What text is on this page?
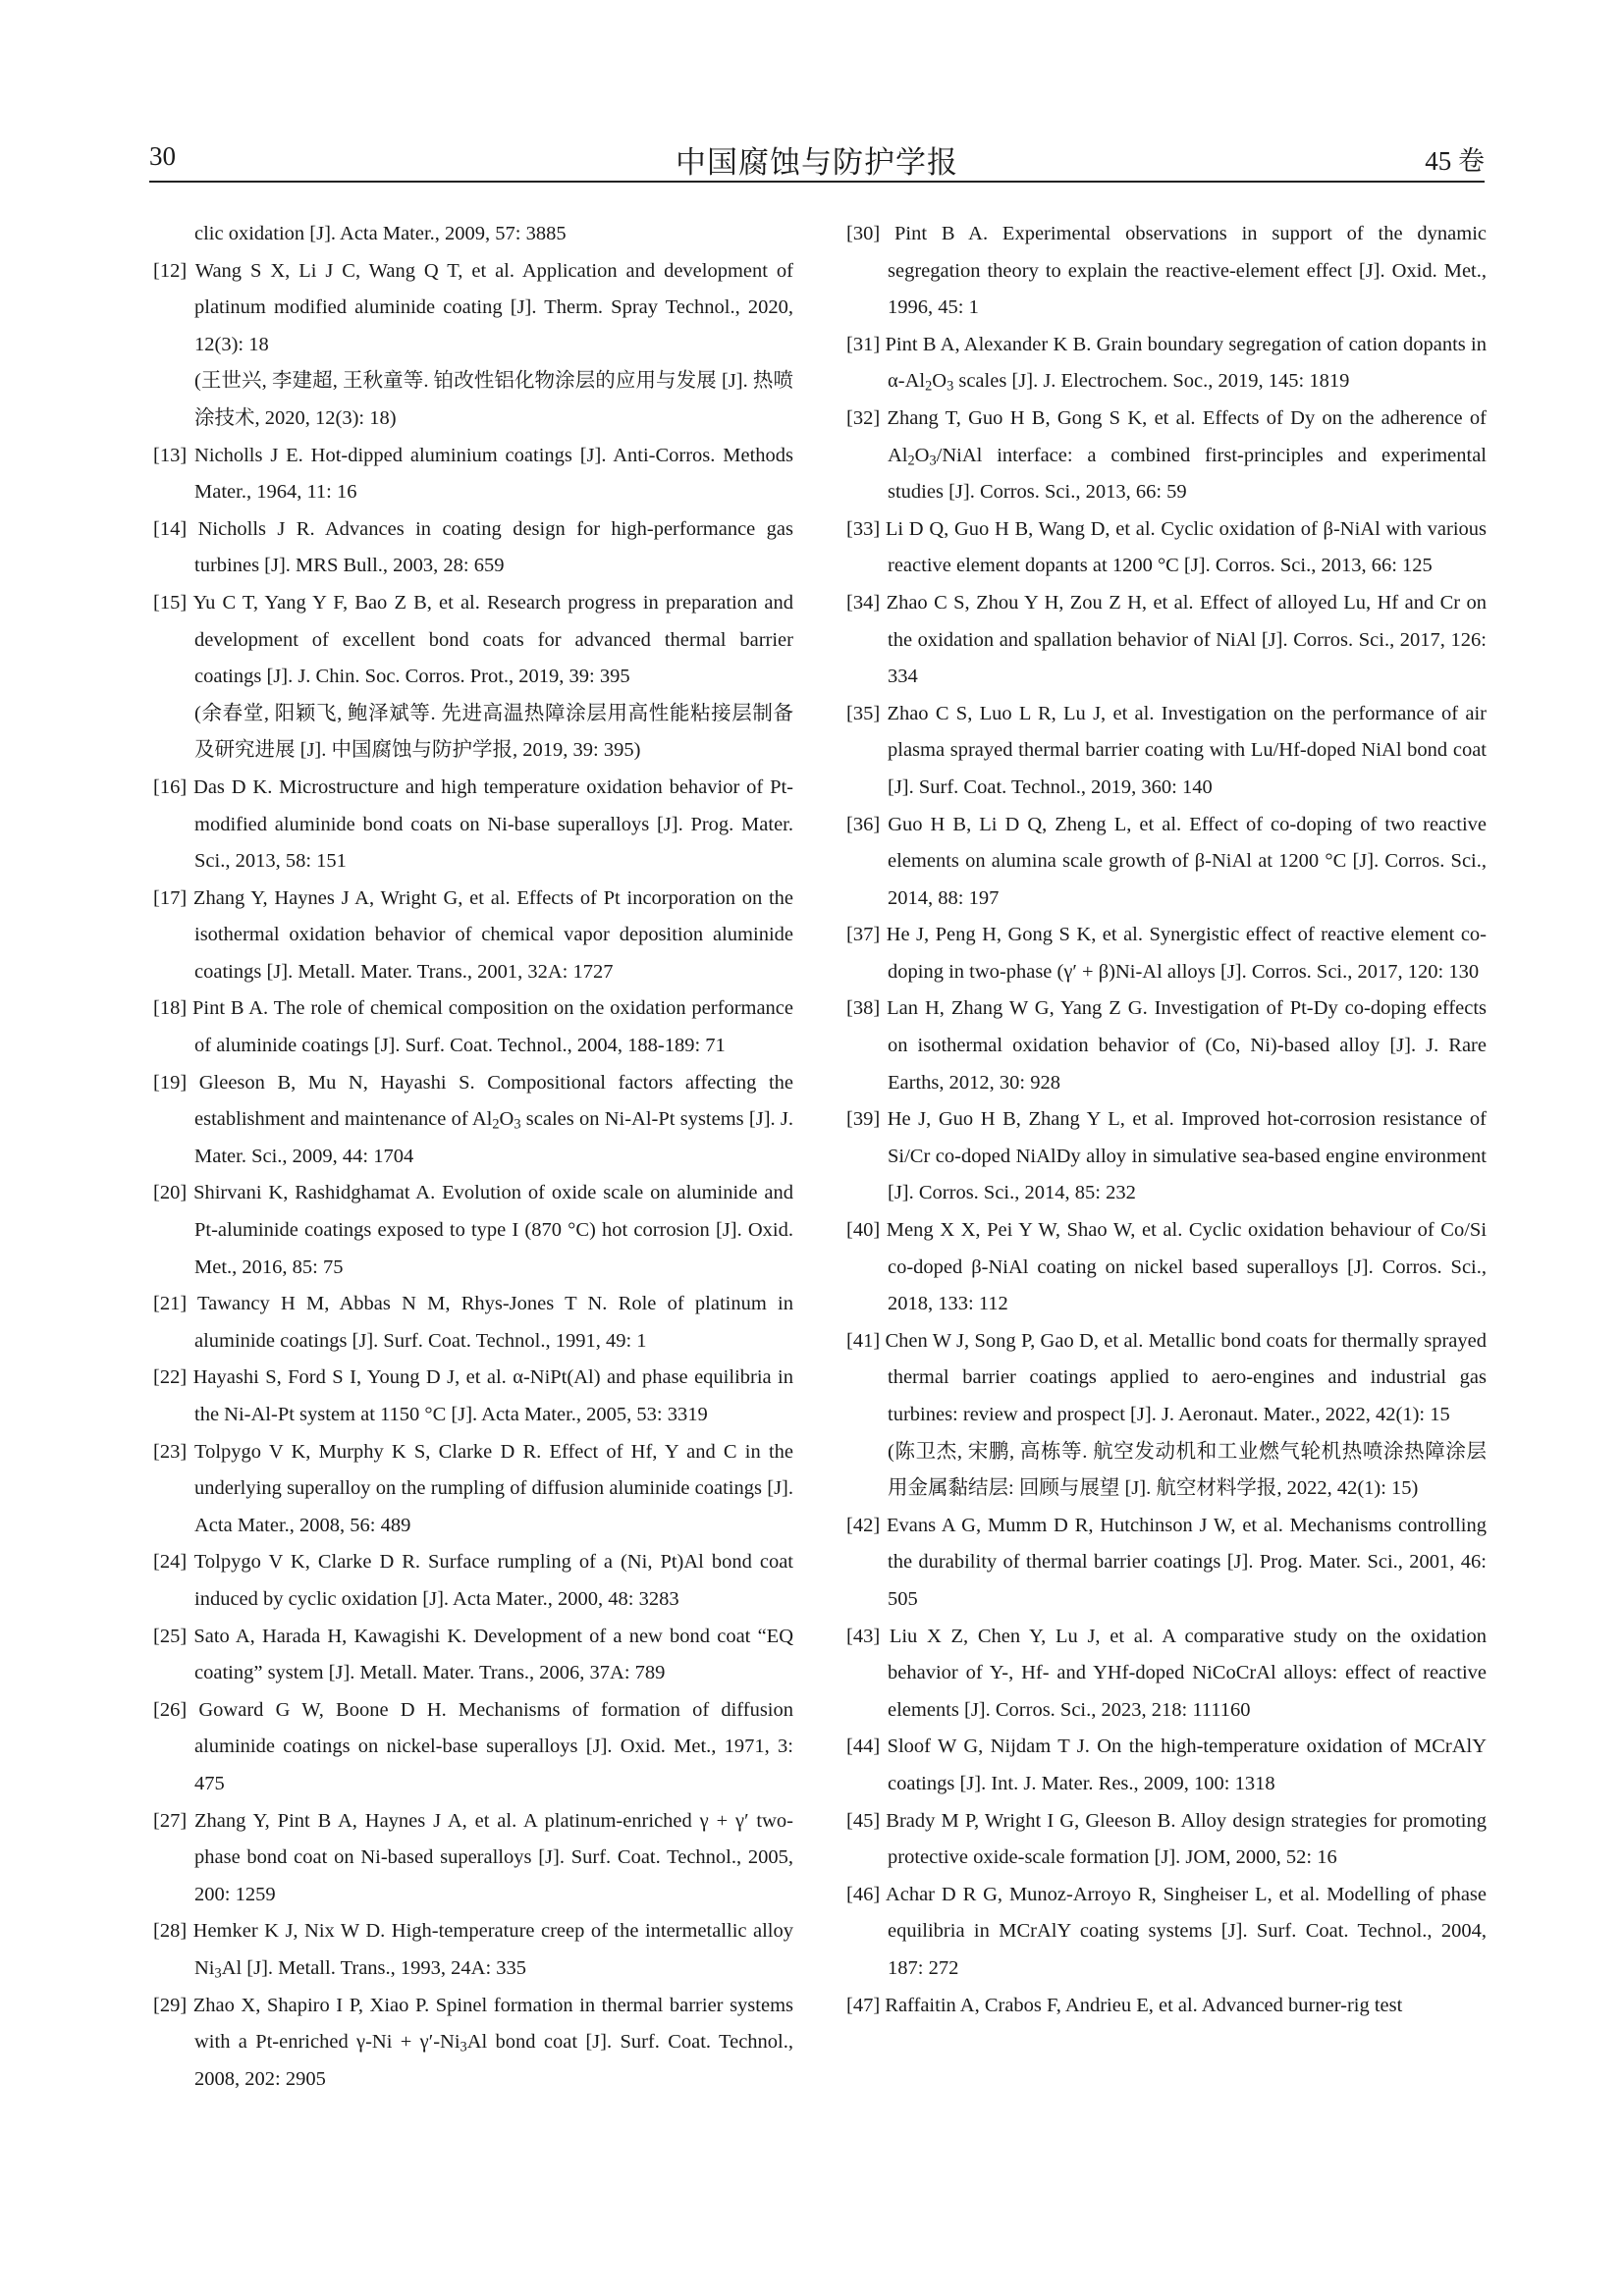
30	中国腐蚀与防护学报	45 卷

clic oxidation [J]. Acta Mater., 2009, 57: 3885

[12] Wang S X, Li J C, Wang Q T, et al. Application and development of platinum modified aluminide coating [J]. Therm. Spray Technol., 2020, 12(3): 18
(王世兴, 李建超, 王秋童等. 铂改性铝化物涂层的应用与发展 [J]. 热喷涂技术, 2020, 12(3): 18)

[13] Nicholls J E. Hot-dipped aluminium coatings [J]. Anti-Corros. Methods Mater., 1964, 11: 16

[14] Nicholls J R. Advances in coating design for high-performance gas turbines [J]. MRS Bull., 2003, 28: 659

[15] Yu C T, Yang Y F, Bao Z B, et al. Research progress in preparation and development of excellent bond coats for advanced thermal barrier coatings [J]. J. Chin. Soc. Corros. Prot., 2019, 39: 395
(余春堂, 阳颖飞, 鲍泽斌等. 先进高温热障涂层用高性能粘接层制备及研究进展 [J]. 中国腐蚀与防护学报, 2019, 39: 395)

[16] Das D K. Microstructure and high temperature oxidation behavior of Pt-modified aluminide bond coats on Ni-base superalloys [J]. Prog. Mater. Sci., 2013, 58: 151

[17] Zhang Y, Haynes J A, Wright G, et al. Effects of Pt incorporation on the isothermal oxidation behavior of chemical vapor deposition aluminide coatings [J]. Metall. Mater. Trans., 2001, 32A: 1727

[18] Pint B A. The role of chemical composition on the oxidation performance of aluminide coatings [J]. Surf. Coat. Technol., 2004, 188-189: 71

[19] Gleeson B, Mu N, Hayashi S. Compositional factors affecting the establishment and maintenance of $Al_2O_3$ scales on Ni-Al-Pt systems [J]. J. Mater. Sci., 2009, 44: 1704

[20] Shirvani K, Rashidghamat A. Evolution of oxide scale on aluminide and Pt-aluminide coatings exposed to type I (870 °C) hot corrosion [J]. Oxid. Met., 2016, 85: 75

[21] Tawancy H M, Abbas N M, Rhys-Jones T N. Role of platinum in aluminide coatings [J]. Surf. Coat. Technol., 1991, 49: 1

[22] Hayashi S, Ford S I, Young D J, et al. α-NiPt(Al) and phase equilibria in the Ni-Al-Pt system at 1150 °C [J]. Acta Mater., 2005, 53: 3319

[23] Tolpygo V K, Murphy K S, Clarke D R. Effect of Hf, Y and C in the underlying superalloy on the rumpling of diffusion aluminide coatings [J]. Acta Mater., 2008, 56: 489

[24] Tolpygo V K, Clarke D R. Surface rumpling of a (Ni, Pt)Al bond coat induced by cyclic oxidation [J]. Acta Mater., 2000, 48: 3283

[25] Sato A, Harada H, Kawagishi K. Development of a new bond coat “EQ coating” system [J]. Metall. Mater. Trans., 2006, 37A: 789

[26] Goward G W, Boone D H. Mechanisms of formation of diffusion aluminide coatings on nickel-base superalloys [J]. Oxid. Met., 1971, 3: 475

[27] Zhang Y, Pint B A, Haynes J A, et al. A platinum-enriched γ + γ′ two-phase bond coat on Ni-based superalloys [J]. Surf. Coat. Technol., 2005, 200: 1259

[28] Hemker K J, Nix W D. High-temperature creep of the intermetallic alloy $Ni_3Al$ [J]. Metall. Trans., 1993, 24A: 335

[29] Zhao X, Shapiro I P, Xiao P. Spinel formation in thermal barrier systems with a Pt-enriched $\gamma-Ni + \gamma'-Ni_3Al$ bond coat [J]. Surf. Coat. Technol., 2008, 202: 2905

[30] Pint B A. Experimental observations in support of the dynamic segregation theory to explain the reactive-element effect [J]. Oxid. Met., 1996, 45: 1

[31] Pint B A, Alexander K B. Grain boundary segregation of cation dopants in $\alpha-Al_2O_3$ scales [J]. J. Electrochem. Soc., 2019, 145: 1819

[32] Zhang T, Guo H B, Gong S K, et al. Effects of Dy on the adherence of $Al_2O_3$/NiAl interface: a combined first-principles and experimental studies [J]. Corros. Sci., 2013, 66: 59

[33] Li D Q, Guo H B, Wang D, et al. Cyclic oxidation of β-NiAl with various reactive element dopants at 1200 °C [J]. Corros. Sci., 2013, 66: 125

[34] Zhao C S, Zhou Y H, Zou Z H, et al. Effect of alloyed Lu, Hf and Cr on the oxidation and spallation behavior of NiAl [J]. Corros. Sci., 2017, 126: 334

[35] Zhao C S, Luo L R, Lu J, et al. Investigation on the performance of air plasma sprayed thermal barrier coating with Lu/Hf-doped NiAl bond coat [J]. Surf. Coat. Technol., 2019, 360: 140

[36] Guo H B, Li D Q, Zheng L, et al. Effect of co-doping of two reactive elements on alumina scale growth of β-NiAl at 1200 °C [J]. Corros. Sci., 2014, 88: 197

[37] He J, Peng H, Gong S K, et al. Synergistic effect of reactive element co-doping in two-phase (γ′ + β)Ni-Al alloys [J]. Corros. Sci., 2017, 120: 130

[38] Lan H, Zhang W G, Yang Z G. Investigation of Pt-Dy co-doping effects on isothermal oxidation behavior of (Co, Ni)-based alloy [J]. J. Rare Earths, 2012, 30: 928

[39] He J, Guo H B, Zhang Y L, et al. Improved hot-corrosion resistance of Si/Cr co-doped NiAlDy alloy in simulative sea-based engine environment [J]. Corros. Sci., 2014, 85: 232

[40] Meng X X, Pei Y W, Shao W, et al. Cyclic oxidation behaviour of Co/Si co-doped β-NiAl coating on nickel based superalloys [J]. Corros. Sci., 2018, 133: 112

[41] Chen W J, Song P, Gao D, et al. Metallic bond coats for thermally sprayed thermal barrier coatings applied to aero-engines and industrial gas turbines: review and prospect [J]. J. Aeronaut. Mater., 2022, 42(1): 15
(陈卫杰, 宋鹏, 高栋等. 航空发动机和工业燃气轮机热喷涂热障涂层用金属黏结层: 回顾与展望 [J]. 航空材料学报, 2022, 42(1): 15)

[42] Evans A G, Mumm D R, Hutchinson J W, et al. Mechanisms controlling the durability of thermal barrier coatings [J]. Prog. Mater. Sci., 2001, 46: 505

[43] Liu X Z, Chen Y, Lu J, et al. A comparative study on the oxidation behavior of Y-, Hf- and YHf-doped NiCoCrAl alloys: effect of reactive elements [J]. Corros. Sci., 2023, 218: 111160

[44] Sloof W G, Nijdam T J. On the high-temperature oxidation of MCrAlY coatings [J]. Int. J. Mater. Res., 2009, 100: 1318

[45] Brady M P, Wright I G, Gleeson B. Alloy design strategies for promoting protective oxide-scale formation [J]. JOM, 2000, 52: 16

[46] Achar D R G, Munoz-Arroyo R, Singheiser L, et al. Modelling of phase equilibria in MCrAlY coating systems [J]. Surf. Coat. Technol., 2004, 187: 272

[47] Raffaitin A, Crabos F, Andrieu E, et al. Advanced burner-rig test
